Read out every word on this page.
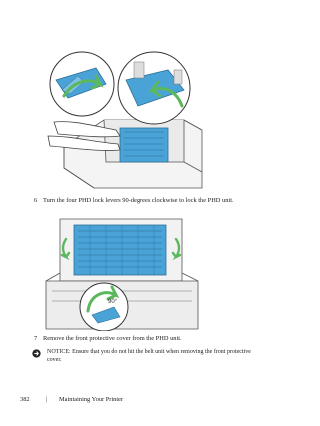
6 Turn the four PHD lock levers 90-degrees clockwise to lock the PHD unit.
90°
7 Remove the front protective cover from the PHD unit.
NOTICE: Ensure that you do not hit the belt unit when removing the front protective cover.
382	| Maintaining Your Printer
